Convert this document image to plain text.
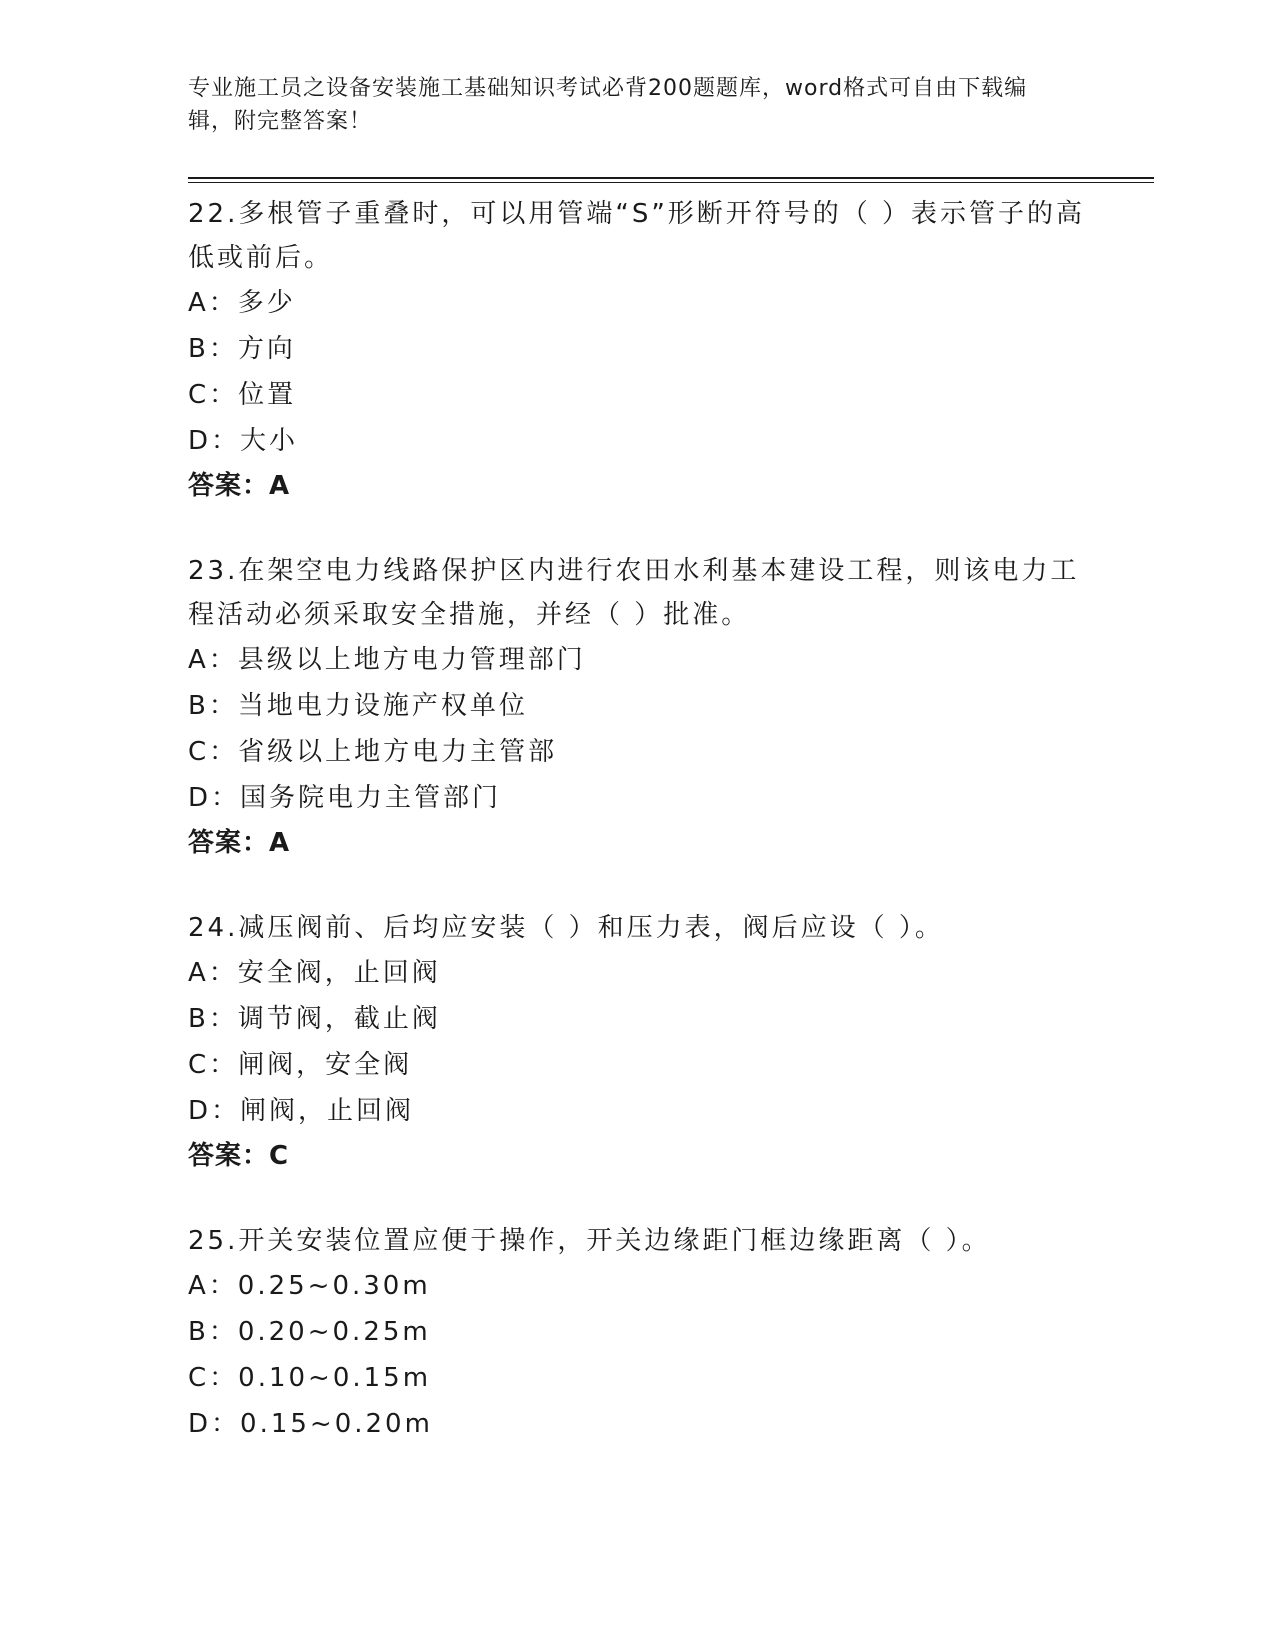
专业施工员之设备安装施工基础知识考试必背200题题库，word格式可自由下载编辑，附完整答案！
22.多根管子重叠时，可以用管端“S”形断开符号的（ ）表示管子的高低或前后。
A：多少
B：方向
C：位置
D：大小
答案：A
23.在架空电力线路保护区内进行农田水利基本建设工程，则该电力工程活动必须采取安全措施，并经（ ）批准。
A：县级以上地方电力管理部门
B：当地电力设施产权单位
C：省级以上地方电力主管部
D：国务院电力主管部门
答案：A
24.减压阀前、后均应安装（ ）和压力表，阀后应设（ ）。
A：安全阀，止回阀
B：调节阀，截止阀
C：闸阀，安全阀
D：闸阀，止回阀
答案：C
25.开关安装位置应便于操作，开关边缘距门框边缘距离（ ）。
A：0.25~0.30m
B：0.20~0.25m
C：0.10~0.15m
D：0.15~0.20m
